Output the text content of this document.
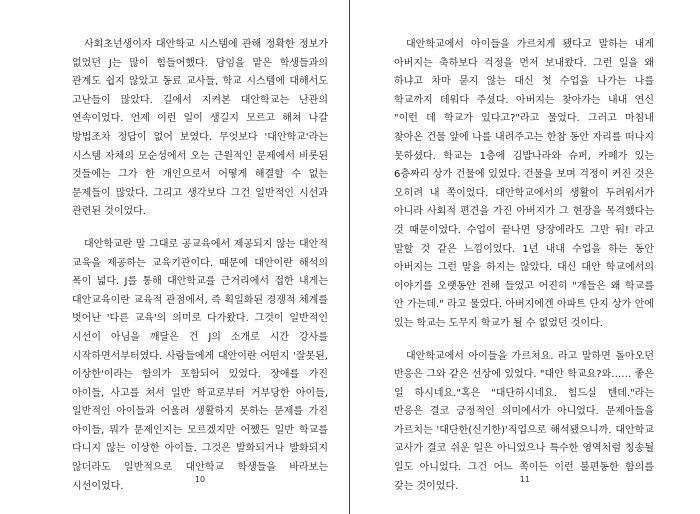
사회초년생이자 대안학교 시스템에 관해 정확한 정보가 없었던 J는 많이 힘들어했다. 담임을 맡은 학생들과의 관계도 쉽지 않았고 동료 교사들, 학교 시스템에 대해서도 고난들이 많았다. 길에서 지켜본 대안학교는 난관의 연속이었다. 언제 이런 일이 생길지 모르고 해쳐 나갈 방법조차 정답이 없어 보였다. 무엇보다 '대안학교'라는 시스템 자체의 모순성에서 오는 근원적인 문제에서 비롯된 것들에는 그가 한 개인으로서 어떻게 해결할 수 없는 문제들이 많았다. 그리고 생각보다 그건 일반적인 시선과 관련된 것이었다.

대안학교란 말 그대로 공교육에서 제공되지 않는 대안적 교육을 제공하는 교육기관이다. 때문에 대안이란 해석의 폭이 넓다. J를 통해 대안학교를 근거리에서 접한 내게는 대안교육이란 교육적 관점에서, 즉 획일화된 경쟁적 체계를 벗어난 '다른 교육'의 의미로 다가왔다. 그것이 일반적인 시선이 아님을 깨달은 건 J의 소개로 시간 강사를 시작하면서부터였다. 사람들에게 대안이란 어떤지 '잘못된, 이상한'이라는 함의가 포함되어 있었다. 장애를 가진 아이들, 사고를 쳐서 일반 학교로부터 거부당한 아이들, 일반적인 아이들과 어울려 생활하지 못하는 문제를 가진 아이들, 뭐가 문제인지는 모르겠지만 어쨌든 일반 학교를 다니지 않는 이상한 아이들. 그것은 발화되거나 발화되지 않더라도 일반적으로 대안학교 학생들을 바라보는 시선이었다.

10

대안학교에서 아이들을 가르치게 됐다고 말하는 내게 아버지는 축하보다 걱정을 먼저 보내왔다. 그런 일을 왜 하냐고 차마 묻지 않는 대신 첫 수업을 나가는 나를 학교까지 데워다 주셨다. 아버지는 찾아가는 내내 연신 "이런 데 학교가 있다고?"라고 물었다. 그러고 마침내 찾아온 건물 앞에 나를 내려주고는 한참 동안 자리를 떠나지 못하셨다. 학교는 1층에 김밥나라와 슈퍼, 카페가 있는 6층짜리 상가 건물에 있었다. 건물을 보며 걱정이 커진 것은 오히려 내 쪽이었다. 대안학교에서의 생활이 두려워서가 아니라 사회적 편견을 가진 아버지가 그 현장을 목격했다는 것 때문이었다. 수업이 끝나면 당장에라도 그만 둬! 라고 말할 것 같은 느낌이었다. 1년 내내 수업을 하는 동안 아버지는 그런 말을 하지는 않았다. 대신 대안 학교에서의 이야기를 오랫동안 전해 들었고 어진히 "개들은 왜 학교를 안 가는데." 라고 물었다. 아버지에겐 아파트 단지 상가 안에 있는 학교는 도무지 학교가 될 수 없었던 것이다.

대안학교에서 아이들을 가르쳐요. 라고 말하면 돌아오던 반응은 그와 같은 선상에 있었다. "대안 학교요?와…… 좋은 일 하시네요."혹은 "대단하시네요. 힘드실 텐데."라는 반응은 결코 긍정적인 의미에서가 아니었다. 문제아들을 가르치는 '대단한(신기한)'직업으로 해석됐으니까. 대안학교 교사가 결코 쉬운 일은 아니었으나 특수한 영역처럼 칭송될 일도 아니었다. 그건 어느 쪽이든 이런 불편동한 함의를 갖는 것이었다.

11
